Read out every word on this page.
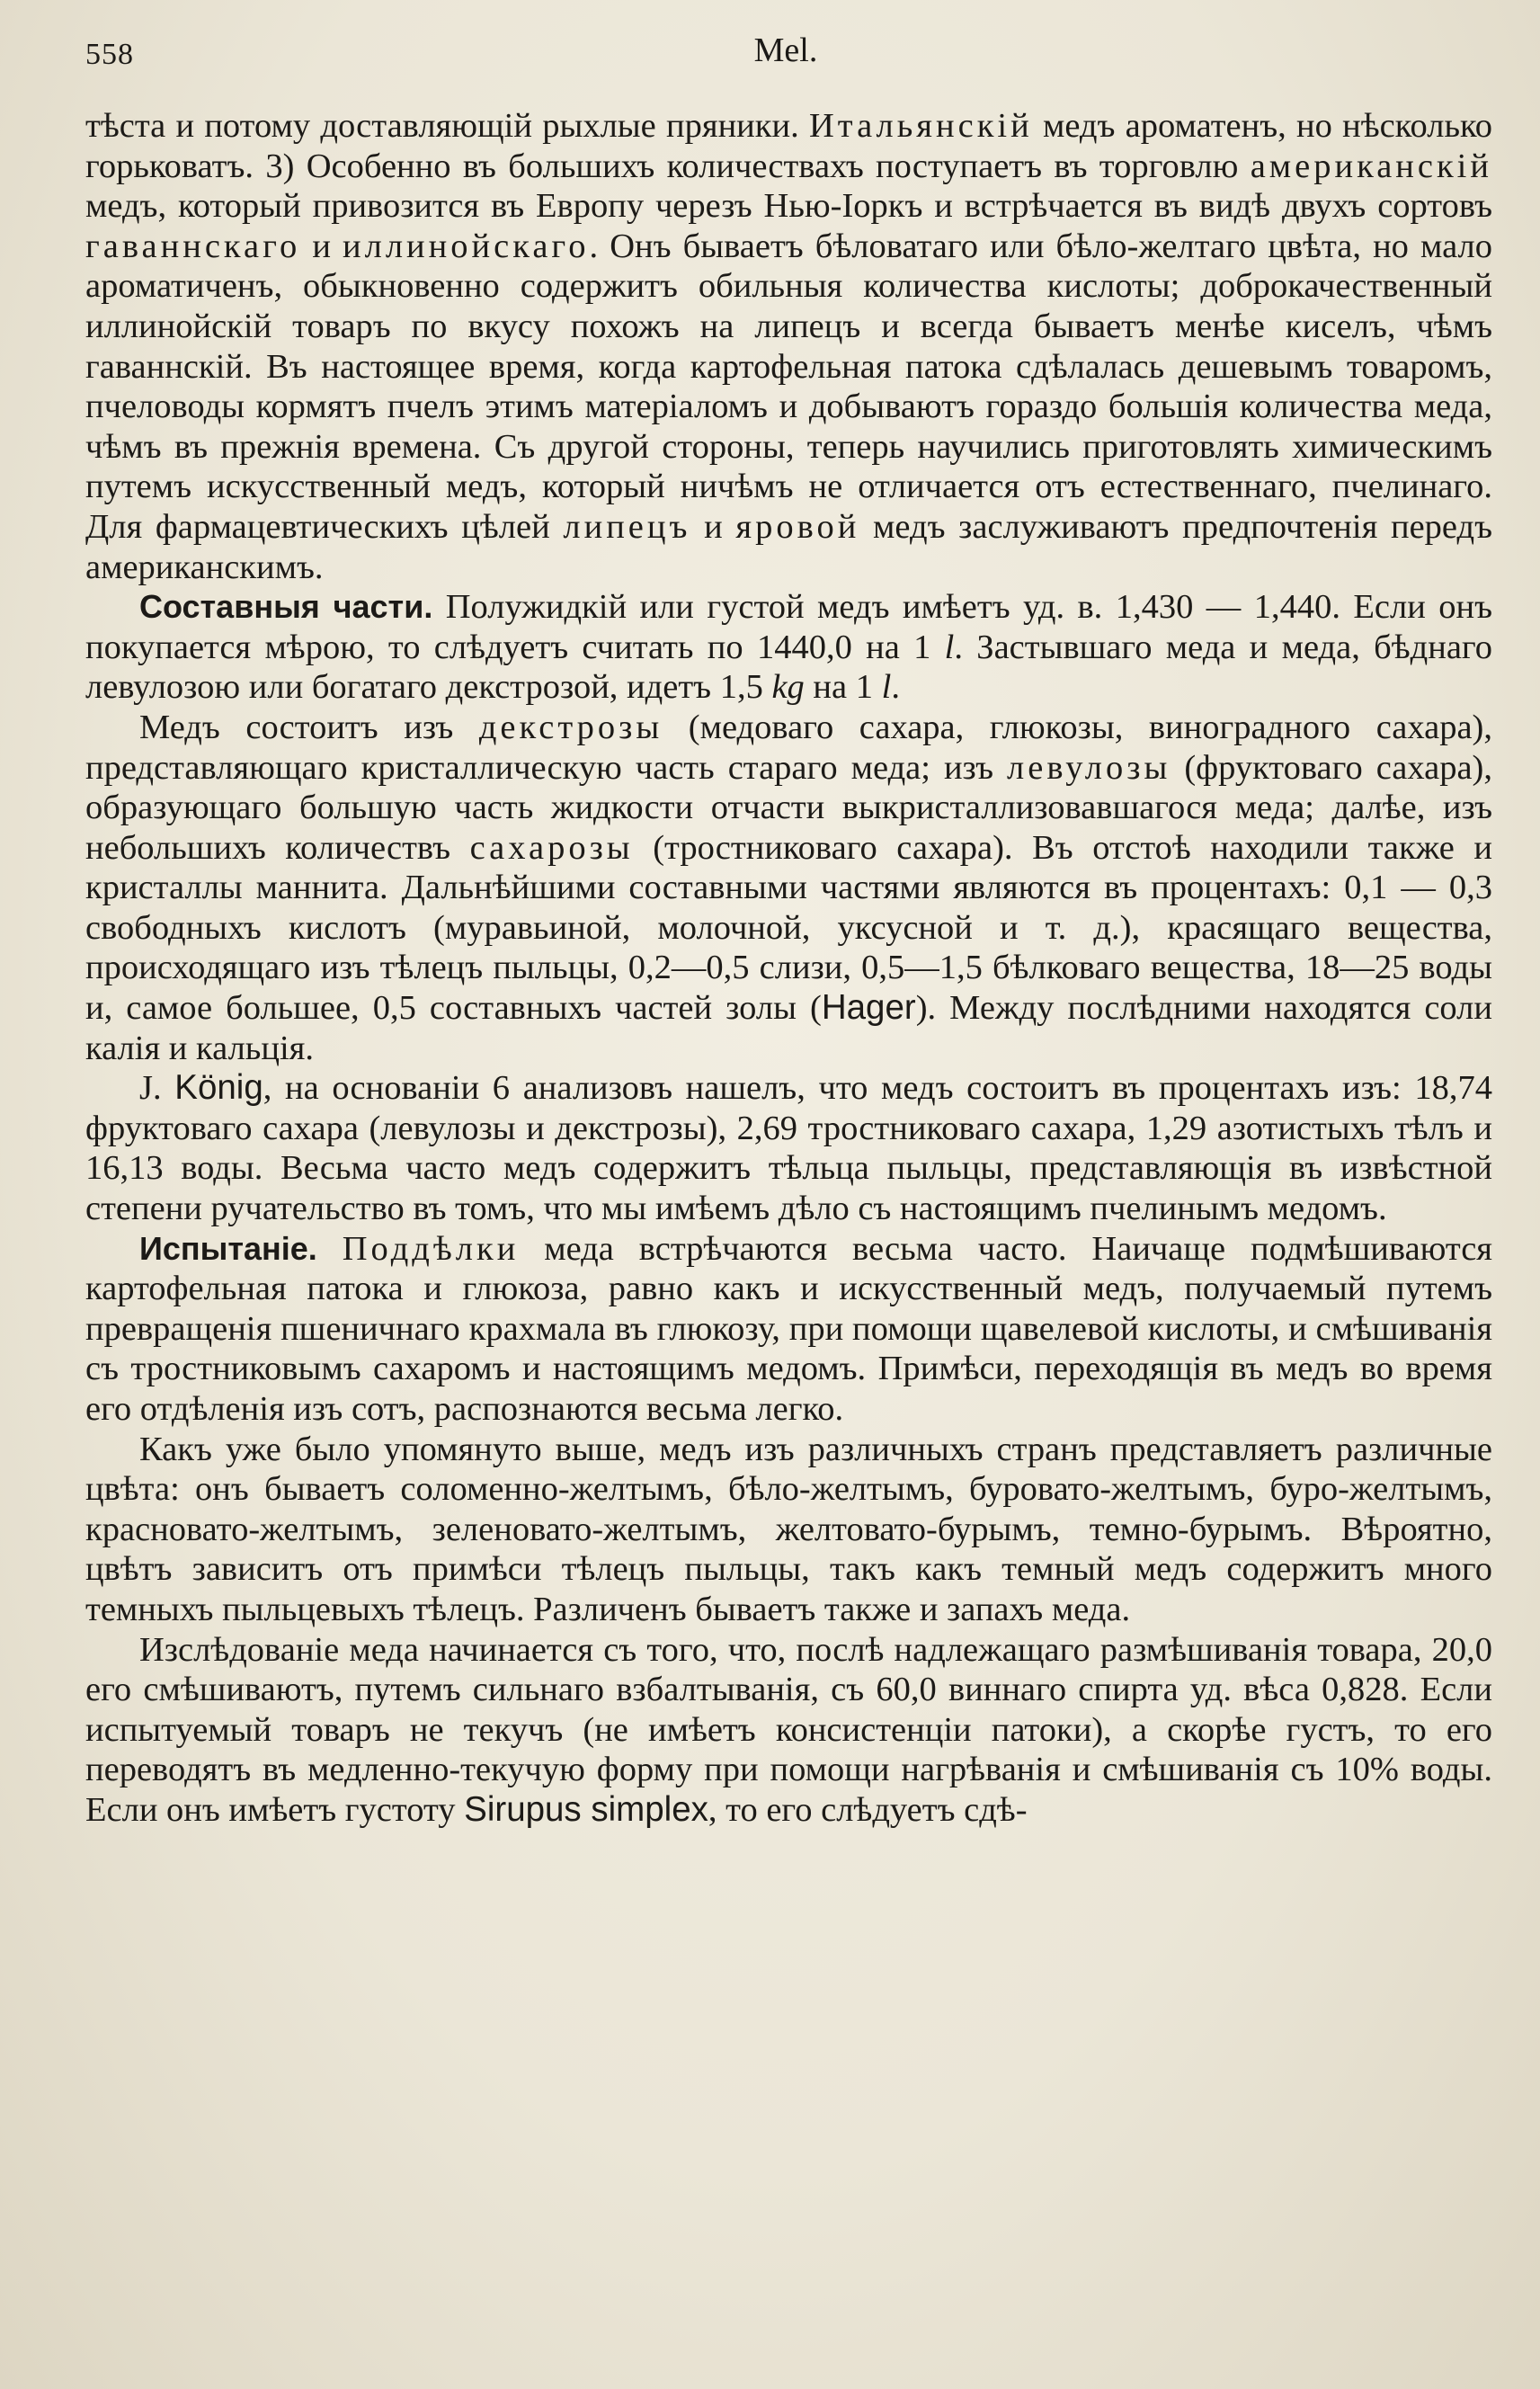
558	Mel.

тѣста и потому доставляющій рыхлые пряники. Итальянскій медъ ароматенъ, но нѣсколько горьковатъ. 3) Особенно въ большихъ количествахъ поступаетъ въ торговлю американскій медъ, который привозится въ Европу черезъ Нью-Іоркъ и встрѣчается въ видѣ двухъ сортовъ гаваннскаго и иллинойскаго. Онъ бываетъ бѣловатаго или бѣло-желтаго цвѣта, но мало ароматиченъ, обыкновенно содержитъ обильныя количества кислоты; доброкачественный иллинойскій товаръ по вкусу похожъ на липецъ и всегда бываетъ менѣе киселъ, чѣмъ гаваннскій. Въ настоящее время, когда картофельная патока сдѣлалась дешевымъ товаромъ, пчеловоды кормятъ пчелъ этимъ матеріаломъ и добываютъ гораздо большія количества меда, чѣмъ въ прежнія времена. Съ другой стороны, теперь научились приготовлять химическимъ путемъ искусственный медъ, который ничѣмъ не отличается отъ естественнаго, пчелинаго. Для фармацевтическихъ цѣлей липецъ и яровой медъ заслуживаютъ предпочтенія передъ американскимъ.

Составныя части. Полужидкій или густой медъ имѣетъ уд. в. 1,430 — 1,440. Если онъ покупается мѣрою, то слѣдуетъ считать по 1440,0 на 1 l. Застывшаго меда и меда, бѣднаго левулозою или богатаго декстрозой, идетъ 1,5 kg на 1 l.

Медъ состоитъ изъ декстрозы (медоваго сахара, глюкозы, виноградного сахара), представляющаго кристаллическую часть стараго меда; изъ левулозы (фруктоваго сахара), образующаго большую часть жидкости отчасти выкристаллизовавшагося меда; далѣе, изъ небольшихъ количествъ сахарозы (тростниковаго сахара). Въ отстоѣ находили также и кристаллы маннита. Дальнѣйшими составными частями являются въ процентахъ: 0,1 — 0,3 свободныхъ кислотъ (муравьиной, молочной, уксусной и т. д.), красящаго вещества, происходящаго изъ тѣлецъ пыльцы, 0,2—0,5 слизи, 0,5—1,5 бѣлковаго вещества, 18—25 воды и, самое большее, 0,5 составныхъ частей золы (Hager). Между послѣдними находятся соли калія и кальція.

J. König, на основаніи 6 анализовъ нашелъ, что медъ состоитъ въ процентахъ изъ: 18,74 фруктоваго сахара (левулозы и декстрозы), 2,69 тростниковаго сахара, 1,29 азотистыхъ тѣлъ и 16,13 воды. Весьма часто медъ содержитъ тѣльца пыльцы, представляющія въ извѣстной степени ручательство въ томъ, что мы имѣемъ дѣло съ настоящимъ пчелинымъ медомъ.

Испытаніе. Поддѣлки меда встрѣчаются весьма часто. Наичаще подмѣшиваются картофельная патока и глюкоза, равно какъ и искусственный медъ, получаемый путемъ превращенія пшеничнаго крахмала въ глюкозу, при помощи щавелевой кислоты, и смѣшиванія съ тростниковымъ сахаромъ и настоящимъ медомъ. Примѣси, переходящія въ медъ во время его отдѣленія изъ сотъ, распознаются весьма легко.

Какъ уже было упомянуто выше, медъ изъ различныхъ странъ представляетъ различные цвѣта: онъ бываетъ соломенно-желтымъ, бѣло-желтымъ, буровато-желтымъ, буро-желтымъ, красновато-желтымъ, зеленовато-желтымъ, желтовато-бурымъ, темно-бурымъ. Вѣроятно, цвѣтъ зависитъ отъ примѣси тѣлецъ пыльцы, такъ какъ темный медъ содержитъ много темныхъ пыльцевыхъ тѣлецъ. Различенъ бываетъ также и запахъ меда.

Изслѣдованіе меда начинается съ того, что, послѣ надлежащаго размѣшиванія товара, 20,0 его смѣшиваютъ, путемъ сильнаго взбалтыванія, съ 60,0 виннаго спирта уд. вѣса 0,828. Если испытуемый товаръ не текучъ (не имѣетъ консистенціи патоки), а скорѣе густъ, то его переводятъ въ медленно-текучую форму при помощи нагрѣванія и смѣшиванія съ 10% воды. Если онъ имѣетъ густоту Sirupus simplex, то его слѣдуетъ сдѣ-
